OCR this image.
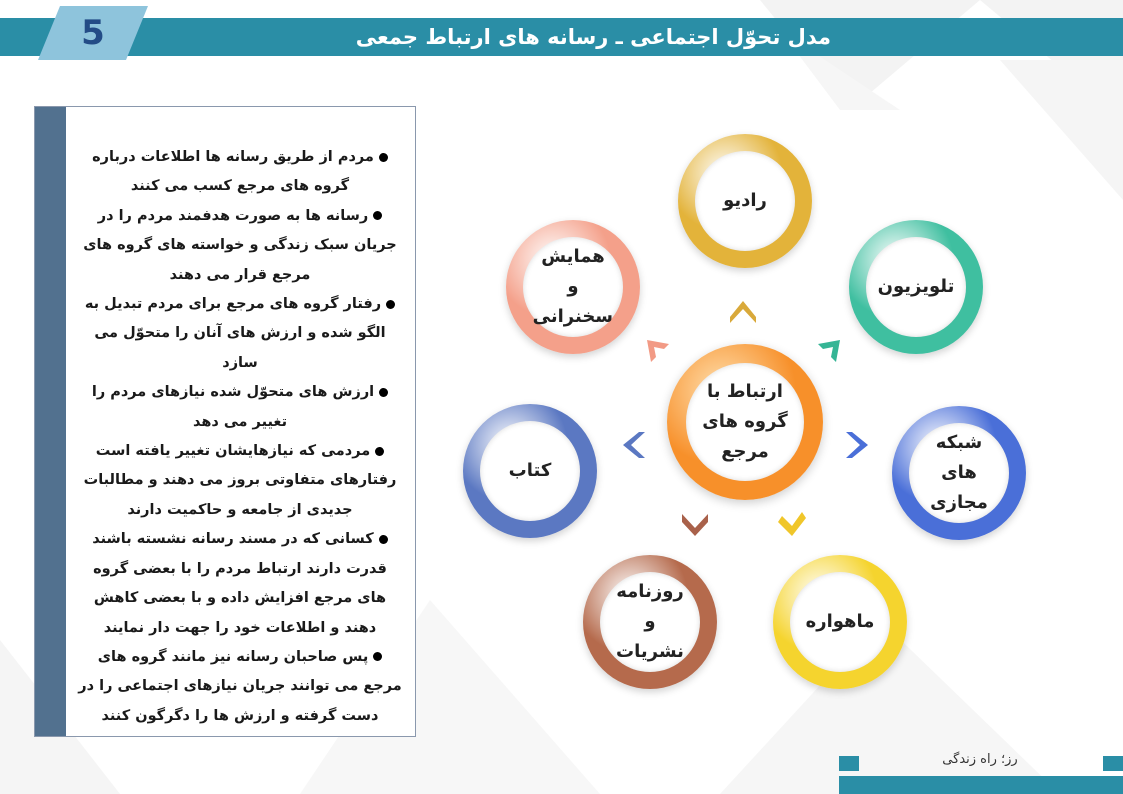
مدل تحوّل اجتماعی ـ رسانه های ارتباط جمعی
5
مردم از طریق رسانه ها اطلاعات درباره گروه های مرجع کسب می کنند
رسانه ها به صورت هدفمند مردم را در جریان سبک زندگی و خواسته های گروه های مرجع قرار می دهند
رفتار گروه های مرجع برای مردم تبدیل به الگو شده و ارزش های آنان را متحوّل می سازد
ارزش های متحوّل شده نیازهای مردم را تغییر می دهد
مردمی که نیازهایشان تغییر یافته است رفتارهای متفاوتی بروز می دهند و مطالبات جدیدی از جامعه و حاکمیت دارند
کسانی که در مسند رسانه نشسته باشند قدرت دارند ارتباط مردم را با بعضی گروه های مرجع افزایش داده و با بعضی کاهش دهند و اطلاعات خود را جهت دار نمایند
پس صاحبان رسانه نیز مانند گروه های مرجع می توانند جریان نیازهای اجتماعی را در دست گرفته و ارزش ها را دگرگون کنند
ارتباط با گروه های مرجع
رادیو
تلویزیون
شبکه های مجازی
ماهواره
روزنامه و نشریات
کتاب
همایش و سخنرانی
رز؛ راه زندگی
